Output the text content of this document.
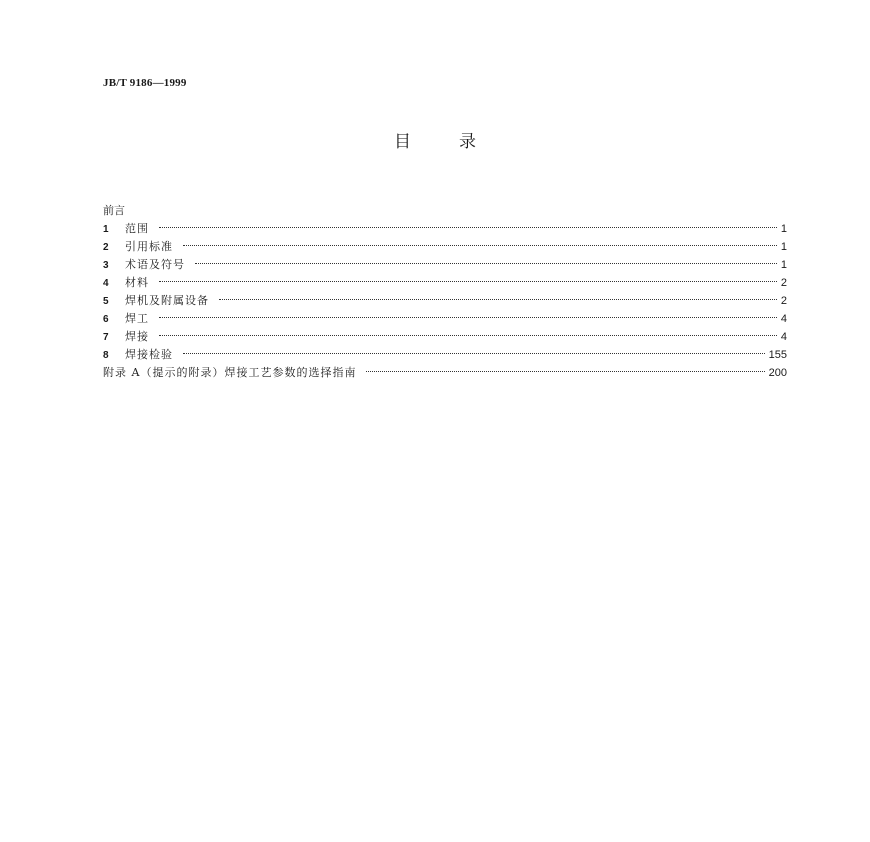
JB/T 9186—1999
目	录
前言
1	范围	1
2	引用标准	1
3	术语及符号	1
4	材料	2
5	焊机及附属设备	2
6	焊工	4
7	焊接	4
8	焊接检验	155
附录 A（提示的附录）焊接工艺参数的选择指南	200
